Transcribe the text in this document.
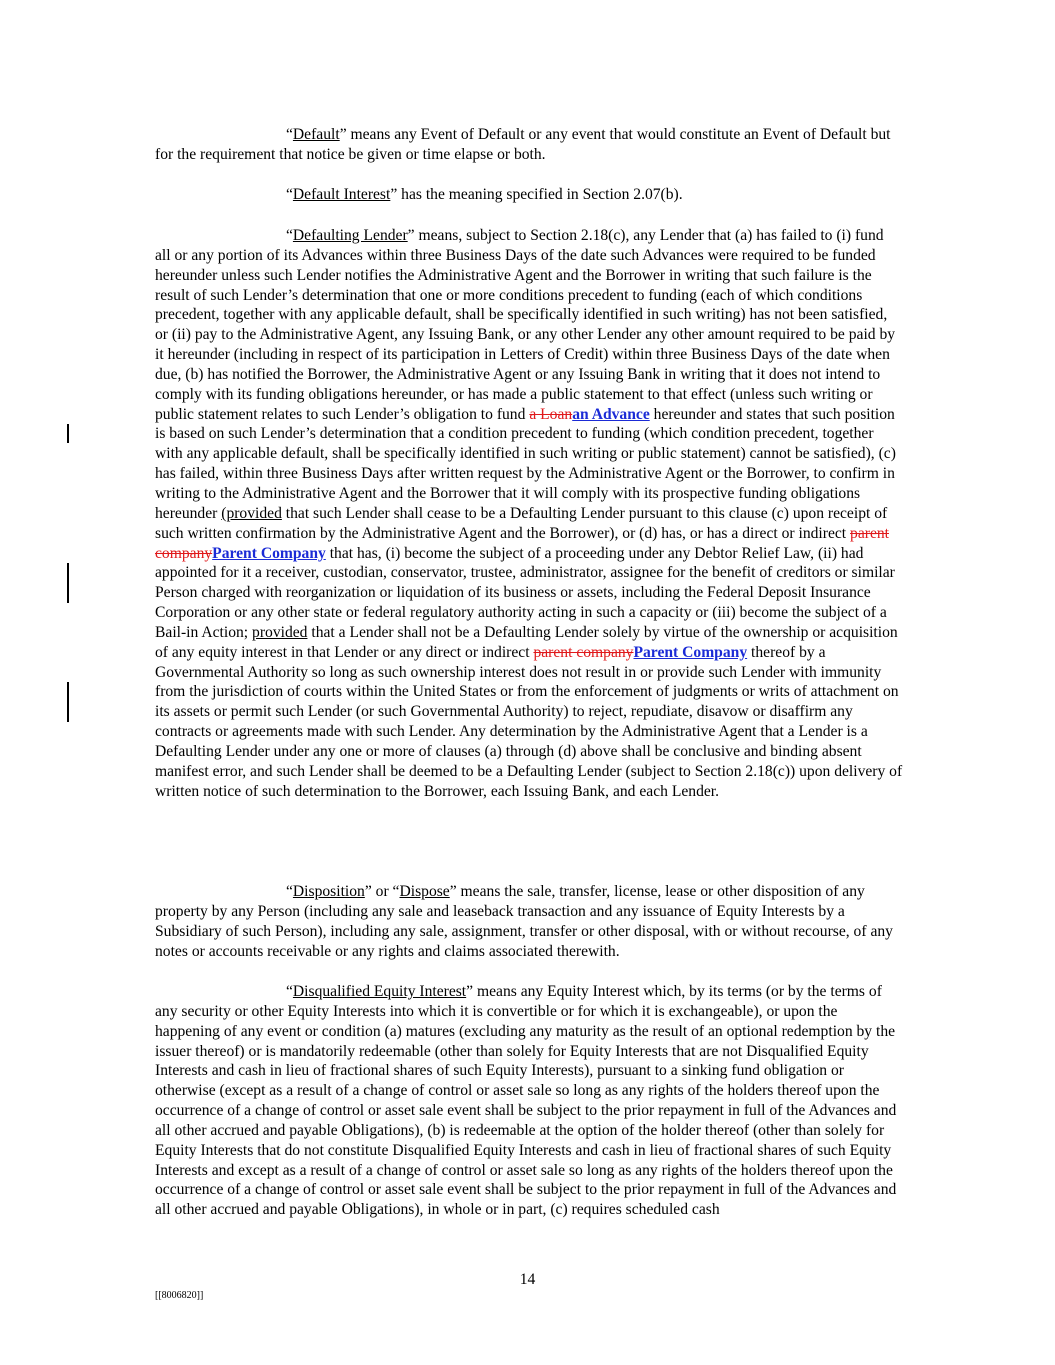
“Default” means any Event of Default or any event that would constitute an Event of Default but for the requirement that notice be given or time elapse or both.

“Default Interest” has the meaning specified in Section 2.07(b).

“Defaulting Lender” means, subject to Section 2.18(c), any Lender that (a) has failed to (i) fund all or any portion of its Advances within three Business Days of the date such Advances were required to be funded hereunder unless such Lender notifies the Administrative Agent and the Borrower in writing that such failure is the result of such Lender’s determination that one or more conditions precedent to funding (each of which conditions precedent, together with any applicable default, shall be specifically identified in such writing) has not been satisfied, or (ii) pay to the Administrative Agent, any Issuing Bank, or any other Lender any other amount required to be paid by it hereunder (including in respect of its participation in Letters of Credit) within three Business Days of the date when due, (b) has notified the Borrower, the Administrative Agent or any Issuing Bank in writing that it does not intend to comply with its funding obligations hereunder, or has made a public statement to that effect (unless such writing or public statement relates to such Lender’s obligation to fund a Loanan Advance hereunder and states that such position is based on such Lender’s determination that a condition precedent to funding (which condition precedent, together with any applicable default, shall be specifically identified in such writing or public statement) cannot be satisfied), (c) has failed, within three Business Days after written request by the Administrative Agent or the Borrower, to confirm in writing to the Administrative Agent and the Borrower that it will comply with its prospective funding obligations hereunder (provided that such Lender shall cease to be a Defaulting Lender pursuant to this clause (c) upon receipt of such written confirmation by the Administrative Agent and the Borrower), or (d) has, or has a direct or indirect parent companyParent Company that has, (i) become the subject of a proceeding under any Debtor Relief Law, (ii) had appointed for it a receiver, custodian, conservator, trustee, administrator, assignee for the benefit of creditors or similar Person charged with reorganization or liquidation of its business or assets, including the Federal Deposit Insurance Corporation or any other state or federal regulatory authority acting in such a capacity or (iii) become the subject of a Bail-in Action; provided that a Lender shall not be a Defaulting Lender solely by virtue of the ownership or acquisition of any equity interest in that Lender or any direct or indirect parent companyParent Company thereof by a Governmental Authority so long as such ownership interest does not result in or provide such Lender with immunity from the jurisdiction of courts within the United States or from the enforcement of judgments or writs of attachment on its assets or permit such Lender (or such Governmental Authority) to reject, repudiate, disavow or disaffirm any contracts or agreements made with such Lender. Any determination by the Administrative Agent that a Lender is a Defaulting Lender under any one or more of clauses (a) through (d) above shall be conclusive and binding absent manifest error, and such Lender shall be deemed to be a Defaulting Lender (subject to Section 2.18(c)) upon delivery of written notice of such determination to the Borrower, each Issuing Bank, and each Lender.

“Disposition” or “Dispose” means the sale, transfer, license, lease or other disposition of any property by any Person (including any sale and leaseback transaction and any issuance of Equity Interests by a Subsidiary of such Person), including any sale, assignment, transfer or other disposal, with or without recourse, of any notes or accounts receivable or any rights and claims associated therewith.

“Disqualified Equity Interest” means any Equity Interest which, by its terms (or by the terms of any security or other Equity Interests into which it is convertible or for which it is exchangeable), or upon the happening of any event or condition (a) matures (excluding any maturity as the result of an optional redemption by the issuer thereof) or is mandatorily redeemable (other than solely for Equity Interests that are not Disqualified Equity Interests and cash in lieu of fractional shares of such Equity Interests), pursuant to a sinking fund obligation or otherwise (except as a result of a change of control or asset sale so long as any rights of the holders thereof upon the occurrence of a change of control or asset sale event shall be subject to the prior repayment in full of the Advances and all other accrued and payable Obligations), (b) is redeemable at the option of the holder thereof (other than solely for Equity Interests that do not constitute Disqualified Equity Interests and cash in lieu of fractional shares of such Equity Interests and except as a result of a change of control or asset sale so long as any rights of the holders thereof upon the occurrence of a change of control or asset sale event shall be subject to the prior repayment in full of the Advances and all other accrued and payable Obligations), in whole or in part, (c) requires scheduled cash

14
[[8006820]]
